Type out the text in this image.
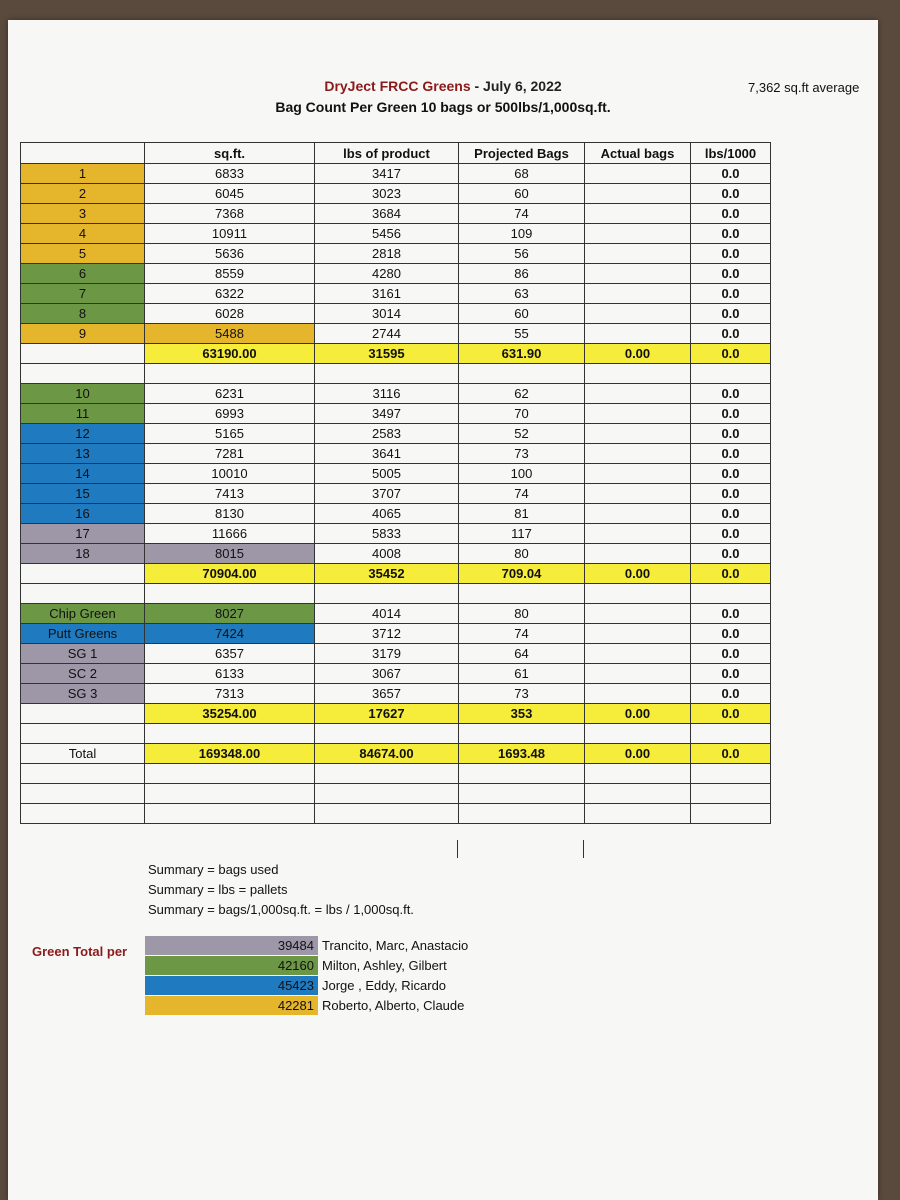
DryJect FRCC Greens - July 6, 2022
Bag Count Per Green 10 bags or 500lbs/1,000sq.ft.
7,362 sq.ft average
	sq.ft.	lbs of product	Projected Bags	Actual bags	lbs/1000
1	6833	3417	68		0.0
2	6045	3023	60		0.0
3	7368	3684	74		0.0
4	10911	5456	109		0.0
5	5636	2818	56		0.0
6	8559	4280	86		0.0
7	6322	3161	63		0.0
8	6028	3014	60		0.0
9	5488	2744	55		0.0
	63190.00	31595	631.90	0.00	0.0

10	6231	3116	62		0.0
11	6993	3497	70		0.0
12	5165	2583	52		0.0
13	7281	3641	73		0.0
14	10010	5005	100		0.0
15	7413	3707	74		0.0
16	8130	4065	81		0.0
17	11666	5833	117		0.0
18	8015	4008	80		0.0
	70904.00	35452	709.04	0.00	0.0

Chip Green	8027	4014	80		0.0
Putt Greens	7424	3712	74		0.0
SG 1	6357	3179	64		0.0
SC 2	6133	3067	61		0.0
SG 3	7313	3657	73		0.0
	35254.00	17627	353	0.00	0.0

Total	169348.00	84674.00	1693.48	0.00	0.0

Summary = bags used
Summary = lbs = pallets
Summary = bags/1,000sq.ft. = lbs / 1,000sq.ft.
Green Total per	39484 Trancito, Marc, Anastacio
42160 Milton, Ashley, Gilbert
45423 Jorge , Eddy, Ricardo
42281 Roberto, Alberto, Claude
